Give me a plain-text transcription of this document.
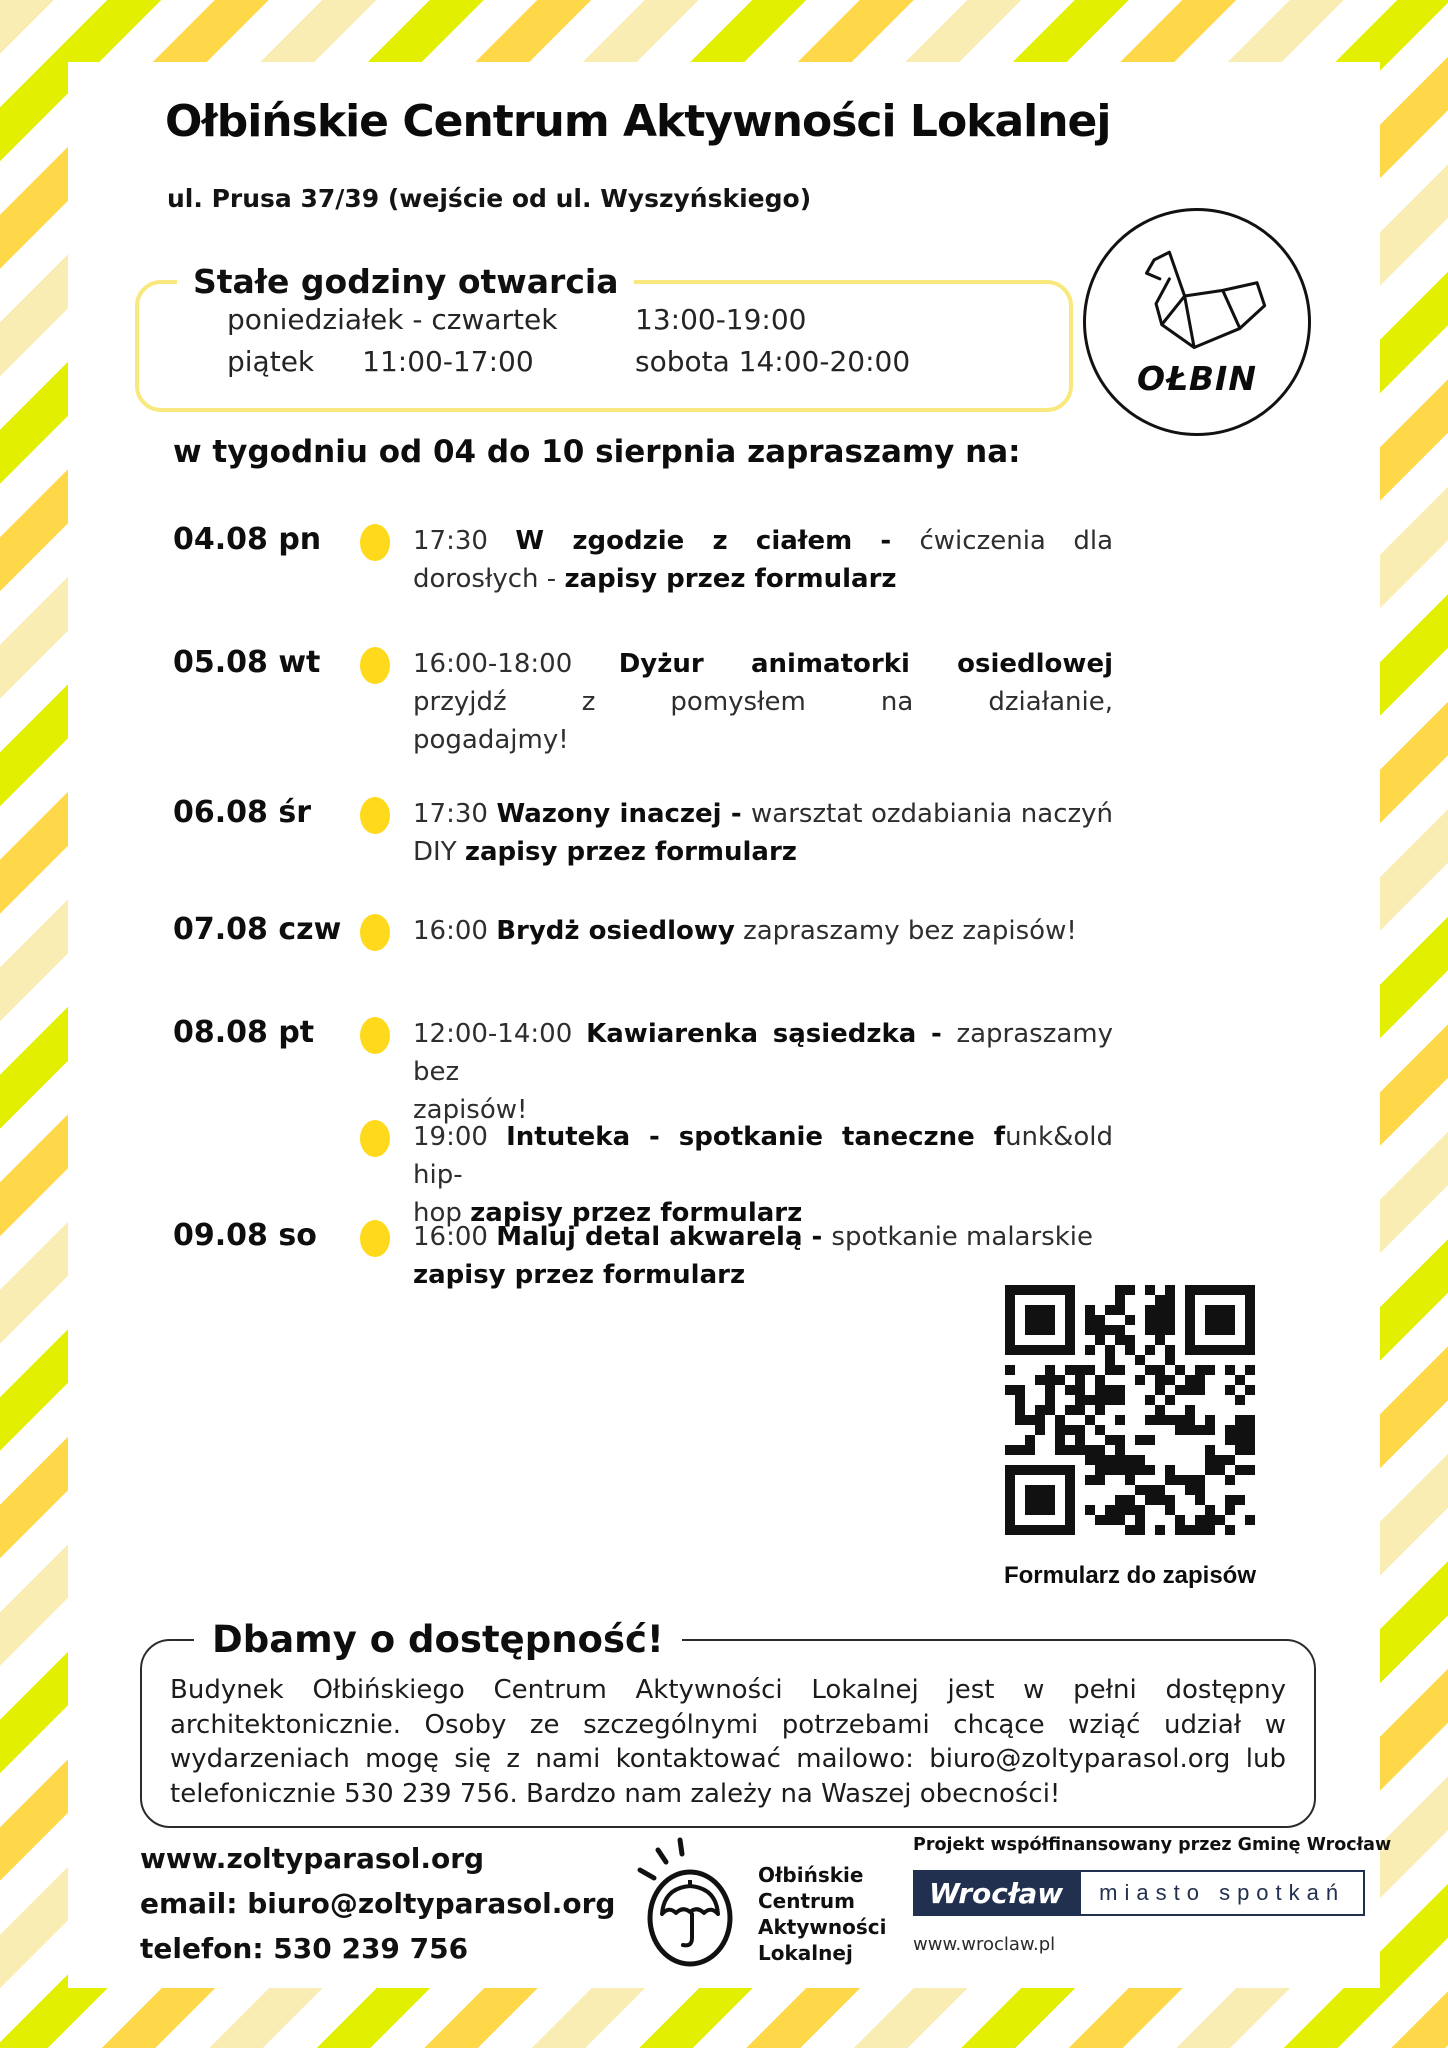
Ołbińskie Centrum Aktywności Lokalnej
ul. Prusa 37/39 (wejście od ul. Wyszyńskiego)
Stałe godziny otwarcia
poniedziałek - czwartek	13:00-19:00
piątek 11:00-17:00	sobota 14:00-20:00	OŁBIN
w tygodniu od 04 do 10 sierpnia zapraszamy na:
04.08 pn	17:30 W zgodzie z ciałem - ćwiczenia dla
dorosłych - zapisy przez formularz
05.08 wt	16:00-18:00 Dyżur animatorki osiedlowej
przyjdź z pomysłem na działanie,
pogadajmy!
06.08 śr	17:30 Wazony inaczej - warsztat ozdabiania naczyń
DIY zapisy przez formularz
07.08 czw	16:00 Brydż osiedlowy zapraszamy bez zapisów!
08.08 pt	12:00-14:00 Kawiarenka sąsiedzka - zapraszamy bez
zapisów!
19:00 Intuteka - spotkanie taneczne funk&old hip-
hop zapisy przez formularz
09.08 so	16:00 Maluj detal akwarelą - spotkanie malarskie
zapisy przez formularz
Formularz do zapisów
Dbamy o dostępność!

Budynek Ołbińskiego Centrum Aktywności Lokalnej jest w pełni dostępny architektonicznie. Osoby ze szczególnymi potrzebami chcące wziąć udział w wydarzeniach mogę się z nami kontaktować mailowo: biuro@zoltyparasol.org lub telefonicznie 530 239 756. Bardzo nam zależy na Waszej obecności!

www.zoltyparasol.org
email: biuro@zoltyparasol.org
telefon: 530 239 756
Ołbińskie
Centrum
Aktywności
Lokalnej
Projekt współfinansowany przez Gminę Wrocław
Wrocław	miasto spotkań
www.wroclaw.pl
